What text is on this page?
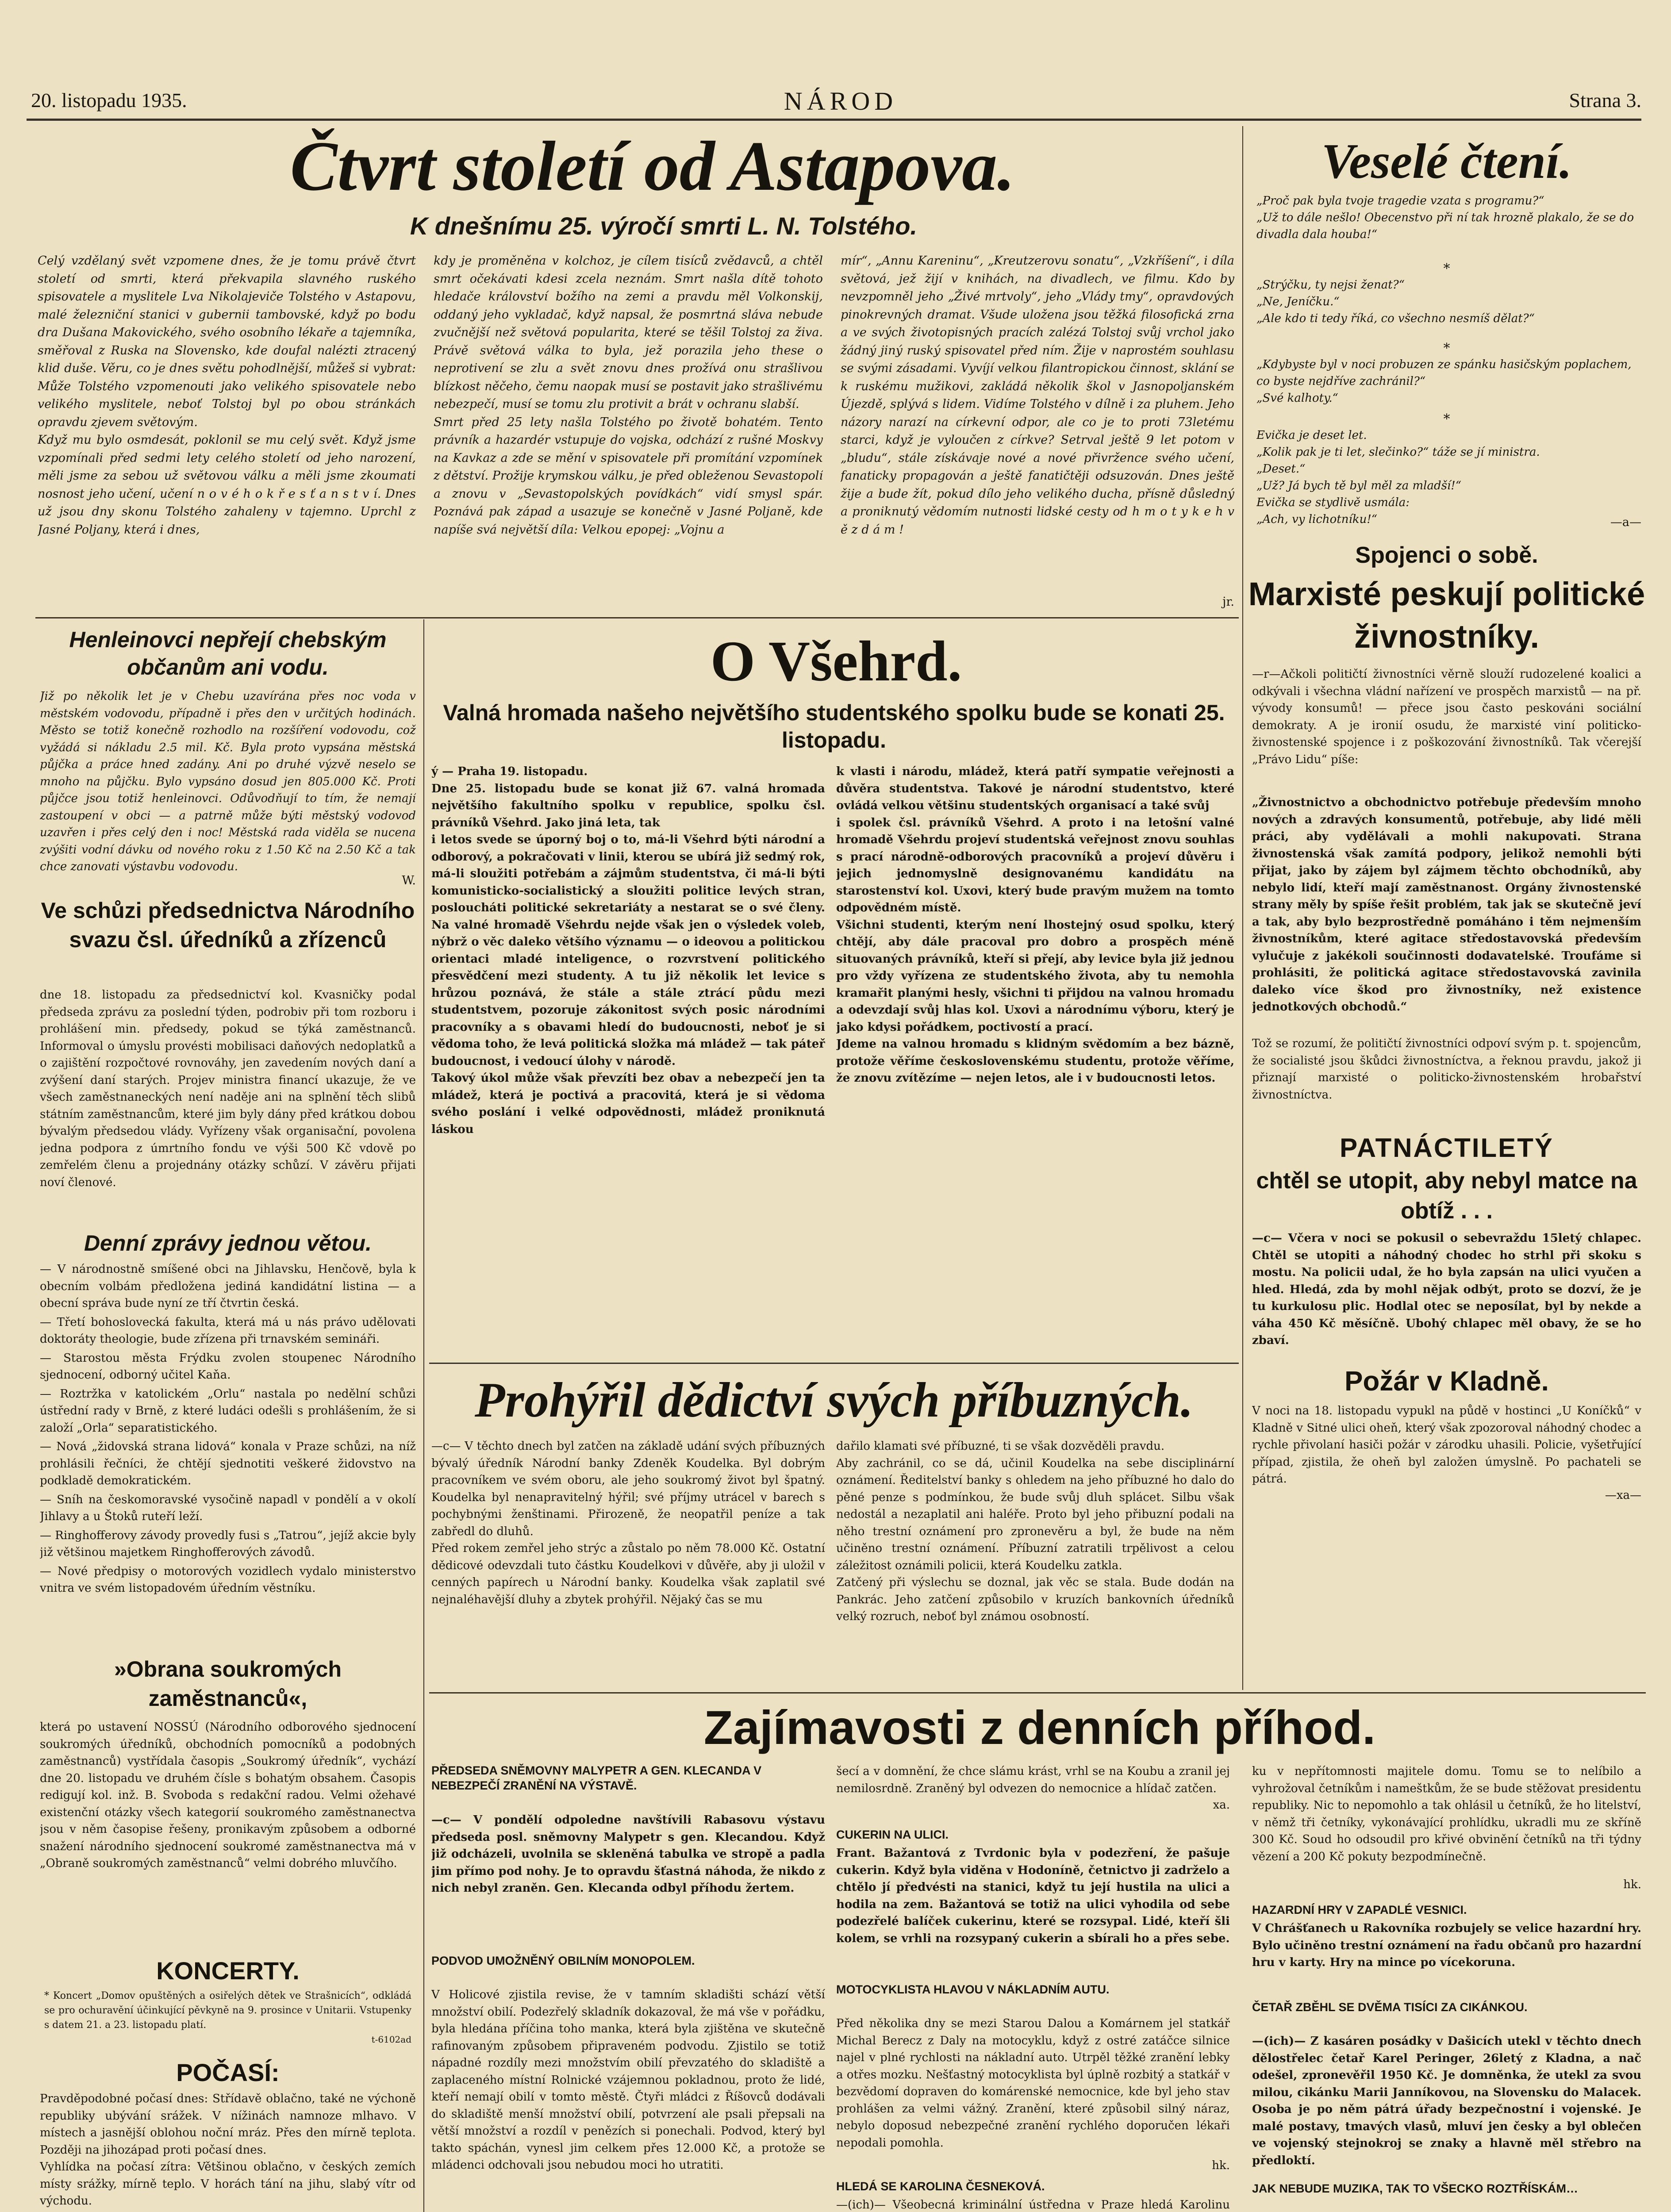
20. listopadu 1935.	NÁROD	Strana 3.
Čtvrt století od Astapova.
K dnešnímu 25. výročí smrti L. N. Tolstého.
Celý vzdělaný svět vzpomene dnes, že je tomu právě čtvrt století od smrti, která překvapila slavného ruského spisovatele a myslitele Lva Nikolajeviče Tolstého v Astapovu, malé železniční stanici v gubernii tambovské, když po bodu dra Dušana Makovického, svého osobního lékaře a tajemníka, směřoval z Ruska na Slovensko, kde doufal nalézti ztracený klid duše. Věru, co je dnes světu pohodlnější, můžeš si vybrat: Může Tolstého vzpomenouti jako velikého spisovatele nebo velikého myslitele, neboť Tolstoj byl po obou stránkách opravdu zjevem světovým.
Když mu bylo osmdesát, poklonil se mu celý svět. Když jsme vzpomínali před sedmi lety celého století od jeho narození, měli jsme za sebou už světovou válku a měli jsme zkoumati nosnost jeho učení, učení n o v é h o k ř e s ť a n s t v í. Dnes už jsou dny skonu Tolstého zahaleny v tajemno. Uprchl z Jasné Poljany, která i dnes,
kdy je proměněna v kolchoz, je cílem tisíců zvědavců, a chtěl smrt očekávati kdesi zcela neznám. Smrt našla dítě tohoto hledače království božího na zemi a pravdu měl Volkonskij, oddaný jeho vykladač, když napsal, že posmrtná sláva nebude zvučnější než světová popularita, které se těšil Tolstoj za živa. Právě světová válka to byla, jež porazila jeho these o neprotivení se zlu a svět znovu dnes prožívá onu strašlivou blízkost něčeho, čemu naopak musí se postavit jako strašlivému nebezpečí, musí se tomu zlu protivit a brát v ochranu slabší.
Smrt před 25 lety našla Tolstého po životě bohatém. Tento právník a hazardér vstupuje do vojska, odchází z rušné Moskvy na Kavkaz a zde se mění v spisovatele při promítání vzpomínek z dětství. Prožije krymskou válku, je před obleženou Sevastopolí a znovu v „Sevastopolských povídkách“ vidí smysl spár. Poznává pak západ a usazuje se konečně v Jasné Poljaně, kde napíše svá největší díla: Velkou epopej: „Vojnu a
mír“, „Annu Kareninu“, „Kreutzerovu sonatu“, „Vzkříšení“, i díla světová, jež žijí v knihách, na divadlech, ve filmu. Kdo by nevzpomněl jeho „Živé mrtvoly“, jeho „Vlády tmy“, opravdových pinokrevných dramat. Všude uložena jsou těžká filosofická zrna a ve svých životopisných pracích zalézá Tolstoj svůj vrchol jako žádný jiný ruský spisovatel před ním. Žije v naprostém souhlasu se svými zásadami. Vyvíjí velkou filantropickou činnost, sklání se k ruskému mužikovi, zakládá několik škol v Jasnopoljanském Újezdě, splývá s lidem. Vidíme Tolstého v dílně i za pluhem. Jeho názory narazí na církevní odpor, ale co je to proti 73letému starci, když je vyloučen z církve? Setrval ještě 9 let potom v „bludu“, stále získávaje nové a nové přivržence svého učení, fanaticky propagován a ještě fanatičtěji odsuzován. Dnes ještě žije a bude žít, pokud dílo jeho velikého ducha, přísně důsledný a proniknutý vědomím nutnosti lidské cesty od h m o t y k e h v ě z d á m !
jr.
Veselé čtení.
„Proč pak byla tvoje tragedie vzata s programu?“
„Už to dále nešlo! Obecenstvo při ní tak hrozně plakalo, že se do divadla dala houba!“
*
„Strýčku, ty nejsi ženat?“
„Ne, Jeníčku.“
„Ale kdo ti tedy říká, co všechno nesmíš dělat?“
*
„Kdybyste byl v noci probuzen ze spánku hasičským poplachem, co byste nejdříve zachránil?“
„Své kalhoty.“
*
Evička je deset let.
„Kolik pak je ti let, slečinko?“ táže se jí ministra.
„Deset.“
„Už? Já bych tě byl měl za mladší!“
Evička se stydlivě usmála:
„Ach, vy lichotníku!“	—a—
Spojenci o sobě.
Marxisté peskují politické živnostníky.
—r—Ačkoli političtí živnostníci věrně slouží rudozelené koalici a odkývali i všechna vládní nařízení ve prospěch marxistů — na př. vývody konsumů! — přece jsou často peskováni sociální demokraty. A je ironií osudu, že marxisté viní politicko-živnostenské spojence i z poškozování živnostníků. Tak včerejší „Právo Lidu“ píše:
„Živnostnictvo a obchodnictvo potřebuje především mnoho nových a zdravých konsumentů, potřebuje, aby lidé měli práci, aby vydělávali a mohli nakupovati. Strana živnostenská však zamítá podpory, jelikož nemohli býti přijat, jako by zájem byl zájmem těchto obchodníků, aby nebylo lidí, kteří mají zaměstnanost. Orgány živnostenské strany měly by spíše řešit problém, tak jak se skutečně jeví a tak, aby bylo bezprostředně pomáháno i těm nejmenším živnostníkům, které agitace středostavovská především vylučuje z jakékoli součinnosti dodavatelské. Troufáme si prohlásiti, že politická agitace středostavovská zavinila daleko více škod pro živnostníky, než existence jednotkových obchodů.“
Tož se rozumí, že političtí živnostníci odpoví svým p. t. spojencům, že socialisté jsou škůdci živnostníctva, a řeknou pravdu, jakož ji přiznají marxisté o politicko-živnostenském hrobařství živnostníctva.
PATNÁCTILETÝ
chtěl se utopit, aby nebyl matce na obtíž . . .
—c— Včera v noci se pokusil o sebevraždu 15letý chlapec. Chtěl se utopiti a náhodný chodec ho strhl při skoku s mostu. Na policii udal, že ho byla zapsán na ulici vyučen a hled. Hledá, zda by mohl nějak odbýt, proto se dozví, že je tu kurkulosu plic. Hodlal otec se neposílat, byl by nekde a váha 450 Kč měsíčně. Ubohý chlapec měl obavy, že se ho zbaví.
Požár v Kladně.
V noci na 18. listopadu vypukl na půdě v hostinci „U Koníčků“ v Kladně v Sitné ulici oheň, který však zpozoroval náhodný chodec a rychle přivolaní hasiči požár v zárodku uhasili. Policie, vyšetřující případ, zjistila, že oheň byl založen úmyslně. Po pachateli se pátrá.
—xa—
Henleinovci nepřejí chebským občanům ani vodu.
Již po několik let je v Chebu uzavírána přes noc voda v městském vodovodu, případně i přes den v určitých hodinách. Město se totiž konečně rozhodlo na rozšíření vodovodu, což vyžádá si nákladu 2.5 mil. Kč. Byla proto vypsána městská půjčka a práce hned zadány. Ani po druhé výzvě neselo se mnoho na půjčku. Bylo vypsáno dosud jen 805.000 Kč. Proti půjčce jsou totiž henleinovci. Odůvodňují to tím, že nemají zastoupení v obci — a patrně může býti městský vodovod uzavřen i přes celý den i noc! Městská rada viděla se nucena zvýšiti vodní dávku od nového roku z 1.50 Kč na 2.50 Kč a tak chce zanovati výstavbu vodovodu.
W.
Ve schůzi předsednictva Národního svazu čsl. úředníků a zřízenců
dne 18. listopadu za předsednictví kol. Kvasničky podal předseda zprávu za poslední týden, podrobiv při tom rozboru i prohlášení min. předsedy, pokud se týká zaměstnanců. Informoval o úmyslu provésti mobilisaci daňových nedoplatků a o zajištění rozpočtové rovnováhy, jen zavedením nových daní a zvýšení daní starých. Projev ministra financí ukazuje, že ve všech zaměstnaneckých není naděje ani na splnění těch slibů státním zaměstnancům, které jim byly dány před krátkou dobou bývalým předsedou vlády. Vyřízeny však organisační, povolena jedna podpora z úmrtního fondu ve výši 500 Kč vdově po zemřelém členu a projednány otázky schůzí. V závěru přijati noví členové.
Denní zprávy jednou větou.

— V národnostně smíšené obci na Jihlavsku, Henčově, byla k obecním volbám předložena jediná kandidátní listina — a obecní správa bude nyní ze tří čtvrtin česká.

— Třetí bohoslovecká fakulta, která má u nás právo udělovati doktoráty theologie, bude zřízena při trnavském semináři.

— Starostou města Frýdku zvolen stoupenec Národního sjednocení, odborný učitel Kaňa.

— Roztržka v katolickém „Orlu“ nastala po nedělní schůzi ústřední rady v Brně, z které ludáci odešli s prohlášením, že si založí „Orla“ separatistického.

— Nová „židovská strana lidová“ konala v Praze schůzi, na níž prohlásili řečníci, že chtějí sjednotiti veškeré židovstvo na podkladě demokratickém.

— Sníh na českomoravské vysočině napadl v pondělí a v okolí Jihlavy a u Štoků ruteří leží.

— Ringhofferovy závody provedly fusi s „Tatrou“, jejíž akcie byly již většinou majetkem Ringhofferových závodů.

— Nové předpisy o motorových vozidlech vydalo ministerstvo vnitra ve svém listopadovém úředním věstníku.

»Obrana soukromých zaměstnanců«,
která po ustavení NOSSÚ (Národního odborového sjednocení soukromých úředníků, obchodních pomocníků a podobných zaměstnanců) vystřídala časopis „Soukromý úředník“, vychází dne 20. listopadu ve druhém čísle s bohatým obsahem. Časopis redigují kol. inž. B. Svoboda s redakční radou. Velmi ožehavé existenční otázky všech kategorií soukromého zaměstnanectva jsou v něm časopise řešeny, pronikavým způsobem a odborné snažení národního sjednocení soukromé zaměstnanectva má v „Obraně soukromých zaměstnanců“ velmi dobrého mluvčího.
KONCERTY.
* Koncert „Domov opuštěných a osiřelých dětek ve Strašnicích“, odkládá se pro ochuravění účinkující pěvkyně na 9. prosince v Unitarii. Vstupenky s datem 21. a 23. listopadu platí.
t-6102ad
POČASÍ:
Pravděpodobné počasí dnes: Střídavě oblačno, také ne výchoně republiky ubývání srážek. V nížinách namnoze mlhavo. V místech a jasnější oblohou noční mráz. Přes den mírně teplota. Později na jihozápad proti počasí dnes.
Vyhlídka na počasí zítra: Většinou oblačno, v českých zemích místy srážky, mírně teplo. V horách tání na jihu, slabý vítr od východu.
O Všehrd.
Valná hromada našeho největšího studentského spolku bude se konati 25. listopadu.
ý — Praha 19. listopadu.
Dne 25. listopadu bude se konat již 67. valná hromada největšího fakultního spolku v republice, spolku čsl. právníků Všehrd. Jako jiná leta, tak
i letos svede se úporný boj o to, má-li Všehrd býti národní a odborový, a pokračovati v linii, kterou se ubírá již sedmý rok, má-li sloužiti potřebám a zájmům studentstva, či má-li býti komunisticko-socialistický a sloužiti politice levých stran, posloucháti politické sekretariáty a nestarat se o své členy. Na valné hromadě Všehrdu nejde však jen o výsledek voleb, nýbrž o věc daleko většího významu — o ideovou a politickou orientaci mladé inteligence, o rozvrstvení politického přesvědčení mezi studenty. A tu již několik let levice s hrůzou poznává, že stále a stále ztrácí půdu mezi studentstvem, pozoruje zákonitost svých posic národními pracovníky a s obavami hledí do budoucnosti, neboť je si vědoma toho, že levá politická složka má mládež — tak páteř budoucnost, i vedoucí úlohy v národě.
Takový úkol může však převzíti bez obav a nebezpečí jen ta mládež, která je poctivá a pracovitá, která je si vědoma svého poslání i velké odpovědnosti, mládež proniknutá láskou
k vlasti i národu, mládež, která patří sympatie veřejnosti a důvěra studentstva. Takové je národní studentstvo, které ovládá velkou většinu studentských organisací a také svůj
i spolek čsl. právníků Všehrd. A proto i na letošní valné hromadě Všehrdu projeví studentská veřejnost znovu souhlas s prací národně-odborových pracovníků a projeví důvěru i jejich jednomyslně designovanému kandidátu na starostenství kol. Uxovi, který bude pravým mužem na tomto odpovědném místě.
Všichni studenti, kterým není lhostejný osud spolku, který chtějí, aby dále pracoval pro dobro a prospěch méně situovaných právníků, kteří si přejí, aby levice byla již jednou pro vždy vyřízena ze studentského života, aby tu nemohla kramařit planými hesly, všichni ti přijdou na valnou hromadu a odevzdají svůj hlas kol. Uxovi a národnímu výboru, který je jako kdysi pořádkem, poctivostí a prací.
Jdeme na valnou hromadu s klidným svědomím a bez bázně, protože věříme československému studentu, protože věříme, že znovu zvítězíme — nejen letos, ale i v budoucnosti letos.
Prohýřil dědictví svých příbuzných.
—c— V těchto dnech byl zatčen na základě udání svých příbuzných bývalý úředník Národní banky Zdeněk Koudelka. Byl dobrým pracovníkem ve svém oboru, ale jeho soukromý život byl špatný. Koudelka byl nenapravitelný hýřil; své příjmy utrácel v barech s pochybnými ženštinami. Přirozeně, že neopatřil peníze a tak zabředl do dluhů.
Před rokem zemřel jeho strýc a zůstalo po něm 78.000 Kč. Ostatní dědicové odevzdali tuto částku Koudelkovi v důvěře, aby ji uložil v cenných papírech u Národní banky. Koudelka však zaplatil své nejnaléhavější dluhy a zbytek prohýřil. Nějaký čas se mu
dařilo klamati své příbuzné, ti se však dozvěděli pravdu.
Aby zachránil, co se dá, učinil Koudelka na sebe disciplinární oznámení. Ředitelství banky s ohledem na jeho příbuzné ho dalo do pěné penze s podmínkou, že bude svůj dluh splácet. Silbu však nedostál a nezaplatil ani haléře. Proto byl jeho přibuzní podali na něho trestní oznámení pro zpronevěru a byl, že bude na něm učiněno trestní oznámení. Příbuzní zatratili trpělivost a celou záležitost oznámili policii, která Koudelku zatkla.
Zatčený při výslechu se doznal, jak věc se stala. Bude dodán na Pankrác. Jeho zatčení způsobilo v kruzích bankovních úředníků velký rozruch, neboť byl známou osobností.
Zajímavosti z denních příhod.
PŘEDSEDA SNĚMOVNY MALYPETR A GEN. KLECANDA V NEBEZPEČÍ ZRANĚNÍ NA VÝSTAVĚ.
—c— V pondělí odpoledne navštívili Rabasovu výstavu předseda posl. sněmovny Malypetr s gen. Klecandou. Když již odcházeli, uvolnila se skleněná tabulka ve stropě a padla jim přímo pod nohy. Je to opravdu šťastná náhoda, že nikdo z nich nebyl zraněn. Gen. Klecanda odbyl příhodu žertem.
PODVOD UMOŽNĚNÝ OBILNÍM MONOPOLEM.
V Holicové zjistila revise, že v tamním skladišti schází větší množství obilí. Podezřelý skladník dokazoval, že má vše v pořádku, byla hledána příčina toho manka, která byla zjištěna ve skutečně rafinovaným způsobem připraveném podvodu. Zjistilo se totiž nápadné rozdíly mezi množstvím obilí převzatého do skladiště a zaplaceného místní Rolnické vzájemnou pokladnou, proto že lidé, kteří nemají obilí v tomto městě. Čtyři mládci z Říšovců dodávali do skladiště menší množství obilí, potvrzení ale psali přepsali na větší množství a rozdíl v penězích si ponechali. Podvod, který byl takto spáchán, vynesl jim celkem přes 12.000 Kč, a protože se mládenci odchovali jsou nebudou moci ho utratiti.
šecí a v domnění, že chce slámu krást, vrhl se na Koubu a zranil jej nemilosrdně. Zraněný byl odvezen do nemocnice a hlídač zatčen.
xa.
CUKERIN NA ULICI.
Frant. Bažantová z Tvrdonic byla v podezření, že pašuje cukerin. Když byla viděna v Hodoníně, četnictvo ji zadrželo a chtělo jí předvésti na stanici, když tu její hustila na ulici a hodila na zem. Bažantová se totiž na ulici vyhodila od sebe podezřelé balíček cukerinu, které se rozsypal. Lidé, kteří šli kolem, se vrhli na rozsypaný cukerin a sbírali ho a přes sebe.
MOTOCYKLISTA HLAVOU V NÁKLADNÍM AUTU.
Před několika dny se mezi Starou Dalou a Komárnem jel statkář Michal Berecz z Daly na motocyklu, když z ostré zatáčce silnice najel v plné rychlosti na nákladní auto. Utrpěl těžké zranění lebky a otřes mozku. Nešťastný motocyklista byl úplně rozbitý a statkář v bezvědomí dopraven do komárenské nemocnice, kde byl jeho stav prohlášen za velmi vážný. Zranění, které způsobil silný náraz, nebylo doposud nebezpečné zranění rychlého doporučen lékaři nepodali pomohla.
hk.
HLEDÁ SE KAROLINA ČESNEKOVÁ.
—(ich)— Všeobecná kriminální ústředna v Praze hledá Karolinu
ku v nepřítomnosti majitele domu. Tomu se to nelíbilo a vyhrožoval četníkům i nameštkům, že se bude stěžovat presidentu republiky. Nic to nepomohlo a tak ohlásil u četníků, že ho litelství, v němž tři četníky, vykonávající prohlídku, ukradli mu ze skříně 300 Kč. Soud ho odsoudil pro křivé obvinění četníků na tři týdny vězení a 200 Kč pokuty bezpodmínečně.
hk.
HAZARDNÍ HRY V ZAPADLÉ VESNICI.
V Chrášťanech u Rakovníka rozbujely se velice hazardní hry. Bylo učiněno trestní oznámení na řadu občanů pro hazardní hru v karty. Hry na mince po vícekoruna.
ČETAŘ ZBĚHL SE DVĚMA TISÍCI ZA CIKÁNKOU.
—(ich)— Z kasáren posádky v Dašicích utekl v těchto dnech dělostřelec četař Karel Peringer, 26letý z Kladna, a nač odešel, zpronevěřil 1950 Kč. Je domněnka, že utekl za svou milou, cikánku Marii Janníkovou, na Slovensku do Malacek. Osoba je po něm pátrá úřady bezpečnostní i vojenské. Je malé postavy, tmavých vlasů, mluví jen česky a byl oblečen ve vojenský stejnokroj se znaky a hlavně měl střebro na předloktí.
JAK NEBUDE MUZIKA, TAK TO VŠECKO ROZTŘÍSKÁM…
